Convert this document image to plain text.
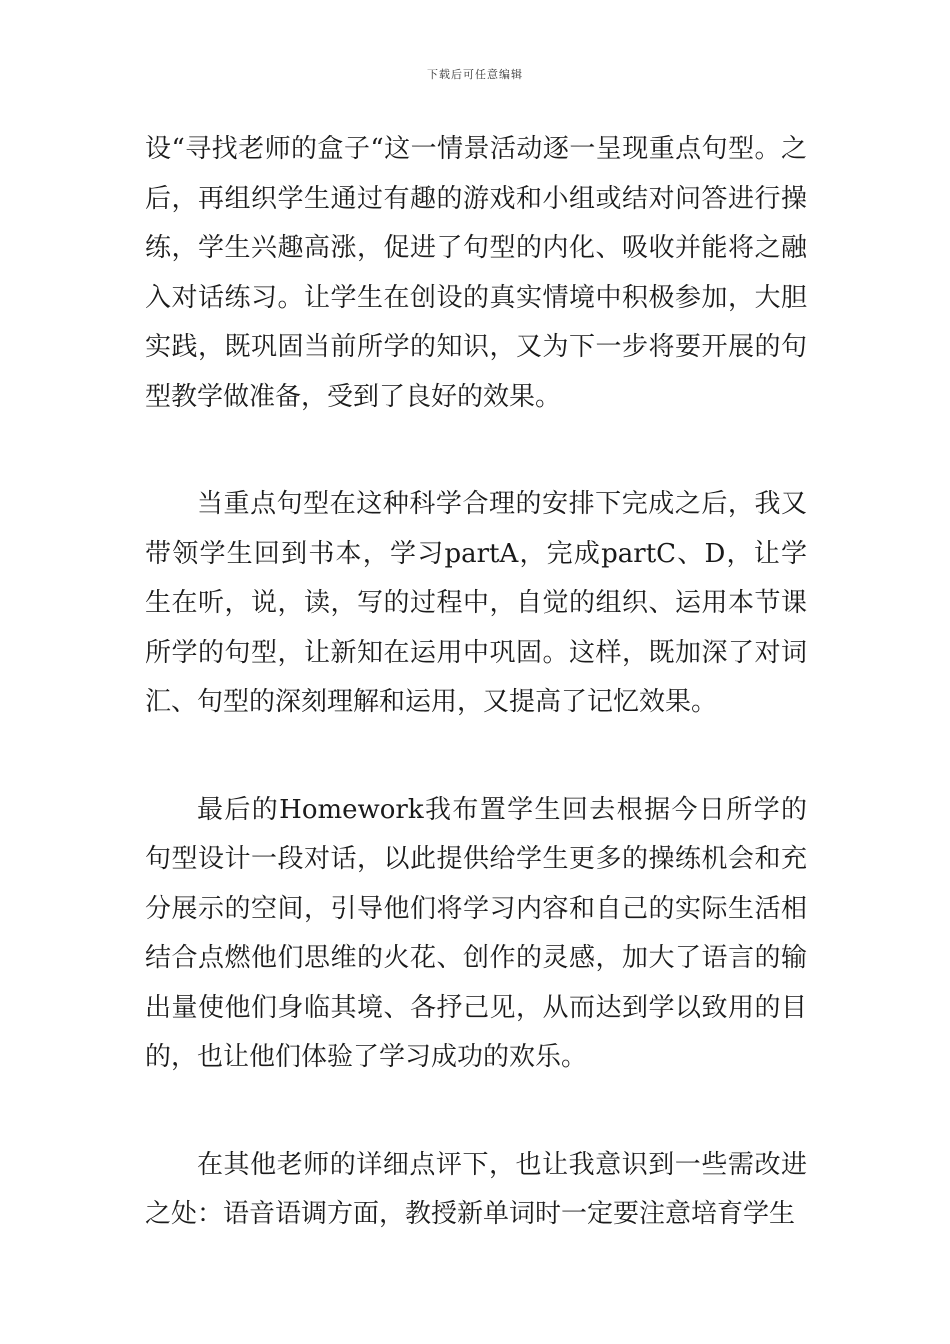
下载后可任意编辑

设“寻找老师的盒子“这一情景活动逐一呈现重点句型。之后，再组织学生通过有趣的游戏和小组或结对问答进行操练，学生兴趣高涨，促进了句型的内化、吸收并能将之融入对话练习。让学生在创设的真实情境中积极参加，大胆实践，既巩固当前所学的知识，又为下一步将要开展的句型教学做准备，受到了良好的效果。

当重点句型在这种科学合理的安排下完成之后，我又带领学生回到书本，学习partA，完成partC、D，让学生在听，说，读，写的过程中，自觉的组织、运用本节课所学的句型，让新知在运用中巩固。这样，既加深了对词汇、句型的深刻理解和运用，又提高了记忆效果。

最后的Homework我布置学生回去根据今日所学的句型设计一段对话，以此提供给学生更多的操练机会和充分展示的空间，引导他们将学习内容和自己的实际生活相结合点燃他们思维的火花、创作的灵感，加大了语言的输出量使他们身临其境、各抒己见，从而达到学以致用的目的，也让他们体验了学习成功的欢乐。

在其他老师的详细点评下，也让我意识到一些需改进之处：语音语调方面，教授新单词时一定要注意培育学生
